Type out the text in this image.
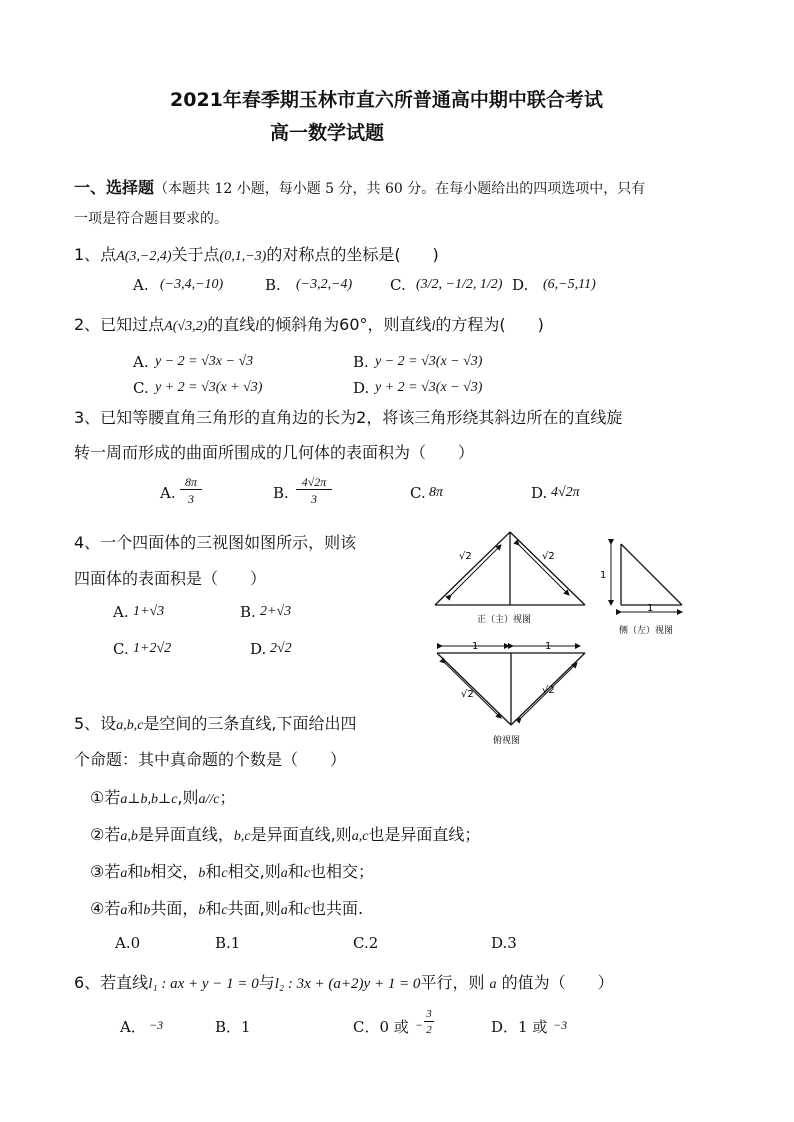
2021年春季期玉林市直六所普通高中期中联合考试
高一数学试题
一、选择题（本题共 12 小题，每小题 5 分，共 60 分。在每小题给出的四项选项中，只有
一项是符合题目要求的。
1、点A(3,−2,4)关于点(0,1,−3)的对称点的坐标是(　　)
A. (−3,4,−10)	B. (−3,2,−4)	C. (3/2, −1/2, 1/2) D. (6,−5,11)
2、已知过点A(√3,2)的直线l的倾斜角为60°，则直线l的方程为(　　)
A. y − 2 = √3x − √3	B. y − 2 = √3(x − √3)
C. y + 2 = √3(x + √3)	D. y + 2 = √3(x − √3)
3、已知等腰直角三角形的直角边的长为2，将该三角形绕其斜边所在的直线旋
转一周而形成的曲面所围成的几何体的表面积为（　　）
A.
8π
3	B.
4√2π
3	C. 8π	D. 4√2π
4、一个四面体的三视图如图所示，则该
四面体的表面积是（　　）
A. 1+√3	B. 2+√3
C. 1+2√2	D. 2√2
√2	√2
正（主）视图
1
1
侧（左）视图
1	1
√2	√2
俯视图
5、设a,b,c是空间的三条直线,下面给出四
个命题：其中真命题的个数是（　　）
①若a⊥b,b⊥c,则a//c；
②若a,b是异面直线，b,c是异面直线,则a,c也是异面直线；
③若a和b相交，b和c相交,则a和c也相交；
④若a和b共面，b和c共面,则a和c也共面.
A.0	B.1	C.2	D.3
6、若直线l₁ : ax + y − 1 = 0与l₂ : 3x + (a+2)y + 1 = 0平行，则 a 的值为（　　）
A． −3	B．1	C．0 或 −
3
2	D．1 或 −3
